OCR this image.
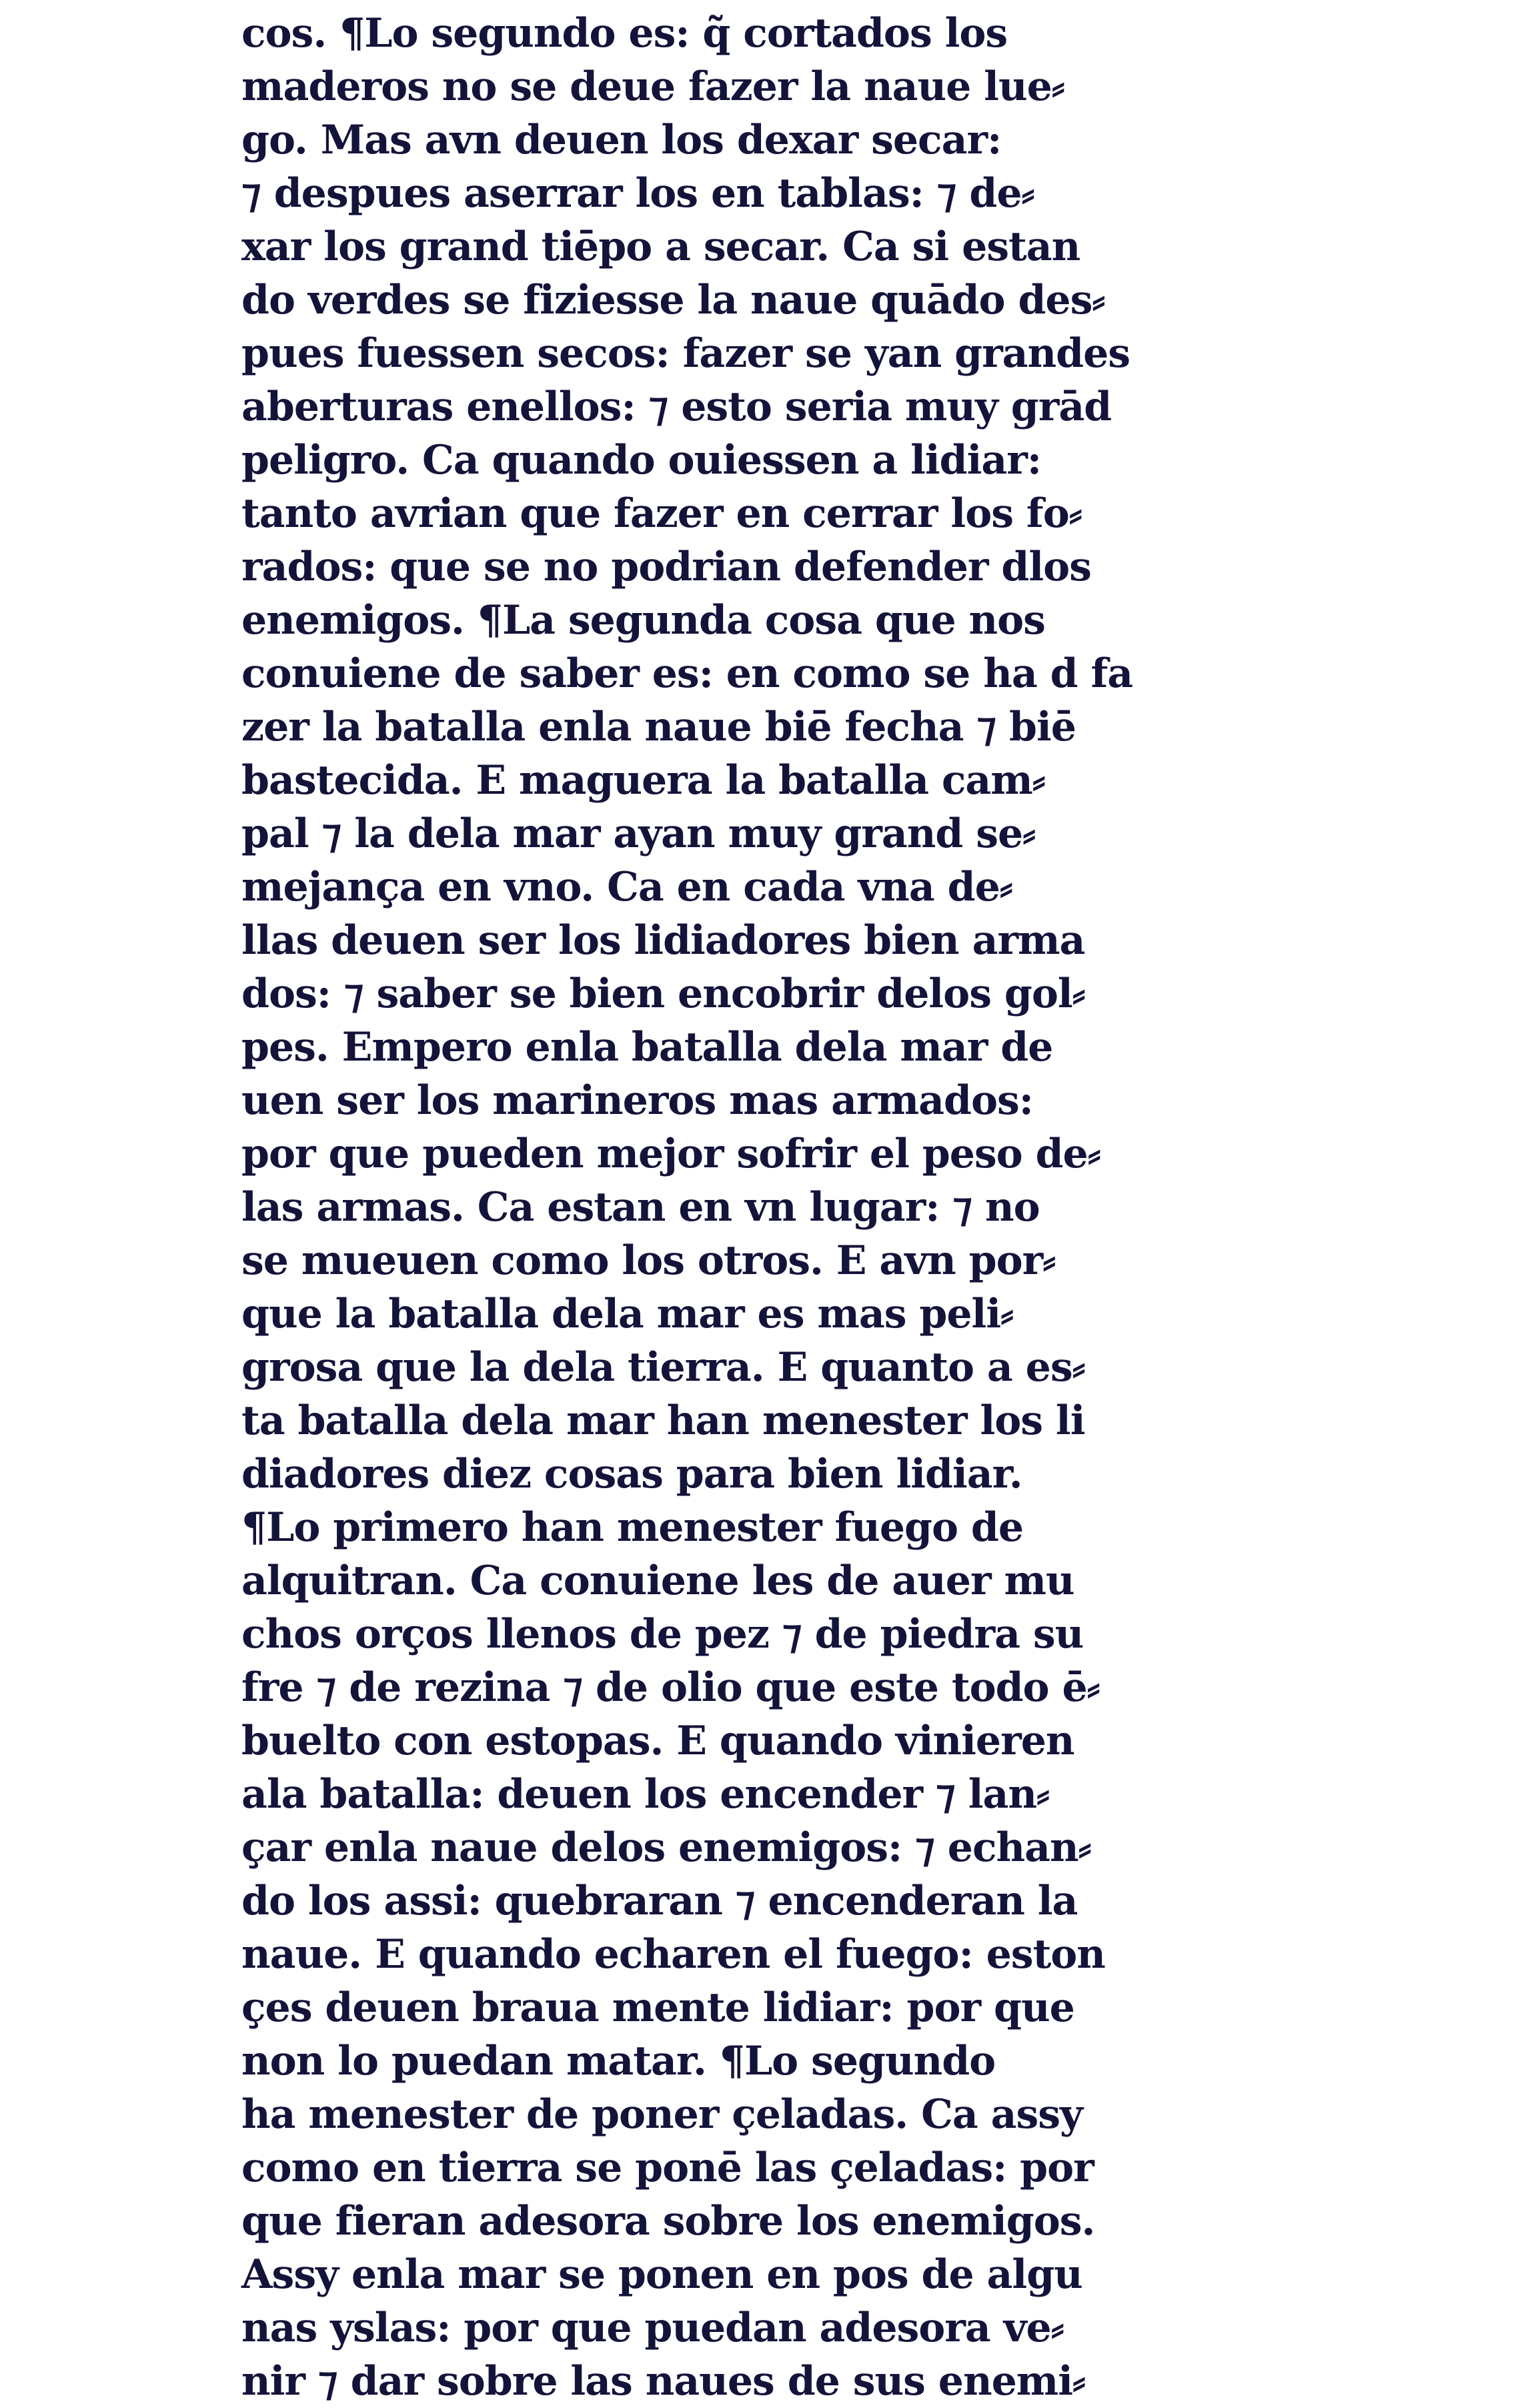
cos. ¶Lo segundo es: q̃ cortados los
maderos no se deue fazer la naue lue⸗
go. Mas avn deuen los dexar secar:
⁊ despues aserrar los en tablas: ⁊ de⸗
xar los grand tiēpo a secar. Ca si estan
do verdes se fiziesse la naue quādo des⸗
pues fuessen secos: fazer se yan grandes
aberturas enellos: ⁊ esto seria muy grād
peligro. Ca quando ouiessen a lidiar:
tanto avrian que fazer en cerrar los fo⸗
rados: que se no podrian defender dlos
enemigos. ¶La segunda cosa que nos
conuiene de saber es: en como se ha d fa
zer la batalla enla naue biē fecha ⁊ biē
bastecida. E maguera la batalla cam⸗
pal ⁊ la dela mar ayan muy grand se⸗
mejança en vno. Ca en cada vna de⸗
llas deuen ser los lidiadores bien arma
dos: ⁊ saber se bien encobrir delos gol⸗
pes. Empero enla batalla dela mar de
uen ser los marineros mas armados:
por que pueden mejor sofrir el peso de⸗
las armas. Ca estan en vn lugar: ⁊ no
se mueuen como los otros. E avn por⸗
que la batalla dela mar es mas peli⸗
grosa que la dela tierra. E quanto a es⸗
ta batalla dela mar han menester los li
diadores diez cosas para bien lidiar.
¶Lo primero han menester fuego de
alquitran. Ca conuiene les de auer mu
chos orços llenos de pez ⁊ de piedra su
fre ⁊ de rezina ⁊ de olio que este todo ē⸗
buelto con estopas. E quando vinieren
ala batalla: deuen los encender ⁊ lan⸗
çar enla naue delos enemigos: ⁊ echan⸗
do los assi: quebraran ⁊ encenderan la
naue. E quando echaren el fuego: eston
çes deuen braua mente lidiar: por que
non lo puedan matar. ¶Lo segundo
ha menester de poner çeladas. Ca assy
como en tierra se ponē las çeladas: por
que fieran adesora sobre los enemigos.
Assy enla mar se ponen en pos de algu
nas yslas: por que puedan adesora ve⸗
nir ⁊ dar sobre las naues de sus enemi⸗
